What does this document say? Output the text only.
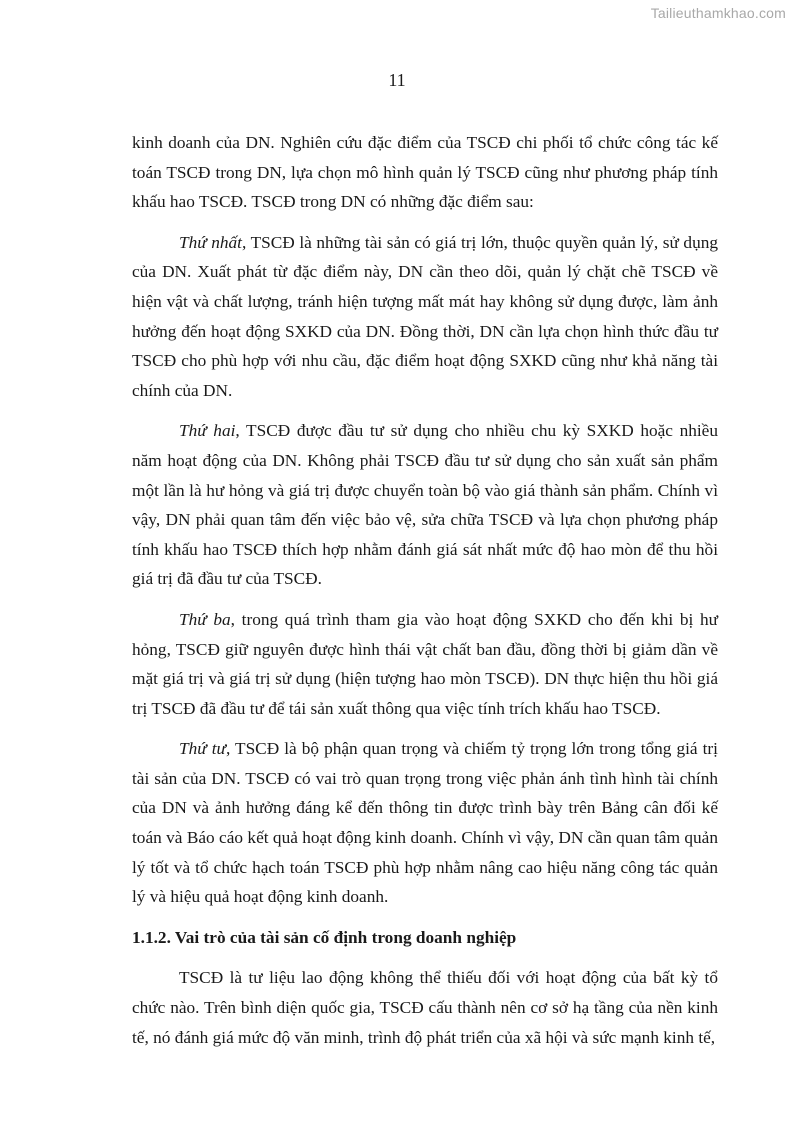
Tailieuthamkhao.com
11

kinh doanh của DN. Nghiên cứu đặc điểm của TSCĐ chi phối tổ chức công tác kế toán TSCĐ trong DN, lựa chọn mô hình quản lý TSCĐ cũng như phương pháp tính khấu hao TSCĐ. TSCĐ trong DN có những đặc điểm sau:

Thứ nhất, TSCĐ là những tài sản có giá trị lớn, thuộc quyền quản lý, sử dụng của DN. Xuất phát từ đặc điểm này, DN cần theo dõi, quản lý chặt chẽ TSCĐ về hiện vật và chất lượng, tránh hiện tượng mất mát hay không sử dụng được, làm ảnh hưởng đến hoạt động SXKD của DN. Đồng thời, DN cần lựa chọn hình thức đầu tư TSCĐ cho phù hợp với nhu cầu, đặc điểm hoạt động SXKD cũng như khả năng tài chính của DN.

Thứ hai, TSCĐ được đầu tư sử dụng cho nhiều chu kỳ SXKD hoặc nhiều năm hoạt động của DN. Không phải TSCĐ đầu tư sử dụng cho sản xuất sản phẩm một lần là hư hỏng và giá trị được chuyển toàn bộ vào giá thành sản phẩm. Chính vì vậy, DN phải quan tâm đến việc bảo vệ, sửa chữa TSCĐ và lựa chọn phương pháp tính khấu hao TSCĐ thích hợp nhằm đánh giá sát nhất mức độ hao mòn để thu hồi giá trị đã đầu tư của TSCĐ.

Thứ ba, trong quá trình tham gia vào hoạt động SXKD cho đến khi bị hư hỏng, TSCĐ giữ nguyên được hình thái vật chất ban đầu, đồng thời bị giảm dần về mặt giá trị và giá trị sử dụng (hiện tượng hao mòn TSCĐ). DN thực hiện thu hồi giá trị TSCĐ đã đầu tư để tái sản xuất thông qua việc tính trích khấu hao TSCĐ.

Thứ tư, TSCĐ là bộ phận quan trọng và chiếm tỷ trọng lớn trong tổng giá trị tài sản của DN. TSCĐ có vai trò quan trọng trong việc phản ánh tình hình tài chính của DN và ảnh hưởng đáng kể đến thông tin được trình bày trên Bảng cân đối kế toán và Báo cáo kết quả hoạt động kinh doanh. Chính vì vậy, DN cần quan tâm quản lý tốt và tổ chức hạch toán TSCĐ phù hợp nhằm nâng cao hiệu năng công tác quản lý và hiệu quả hoạt động kinh doanh.

1.1.2. Vai trò của tài sản cố định trong doanh nghiệp

TSCĐ là tư liệu lao động không thể thiếu đối với hoạt động của bất kỳ tổ chức nào. Trên bình diện quốc gia, TSCĐ cấu thành nên cơ sở hạ tầng của nền kinh tế, nó đánh giá mức độ văn minh, trình độ phát triển của xã hội và sức mạnh kinh tế,
